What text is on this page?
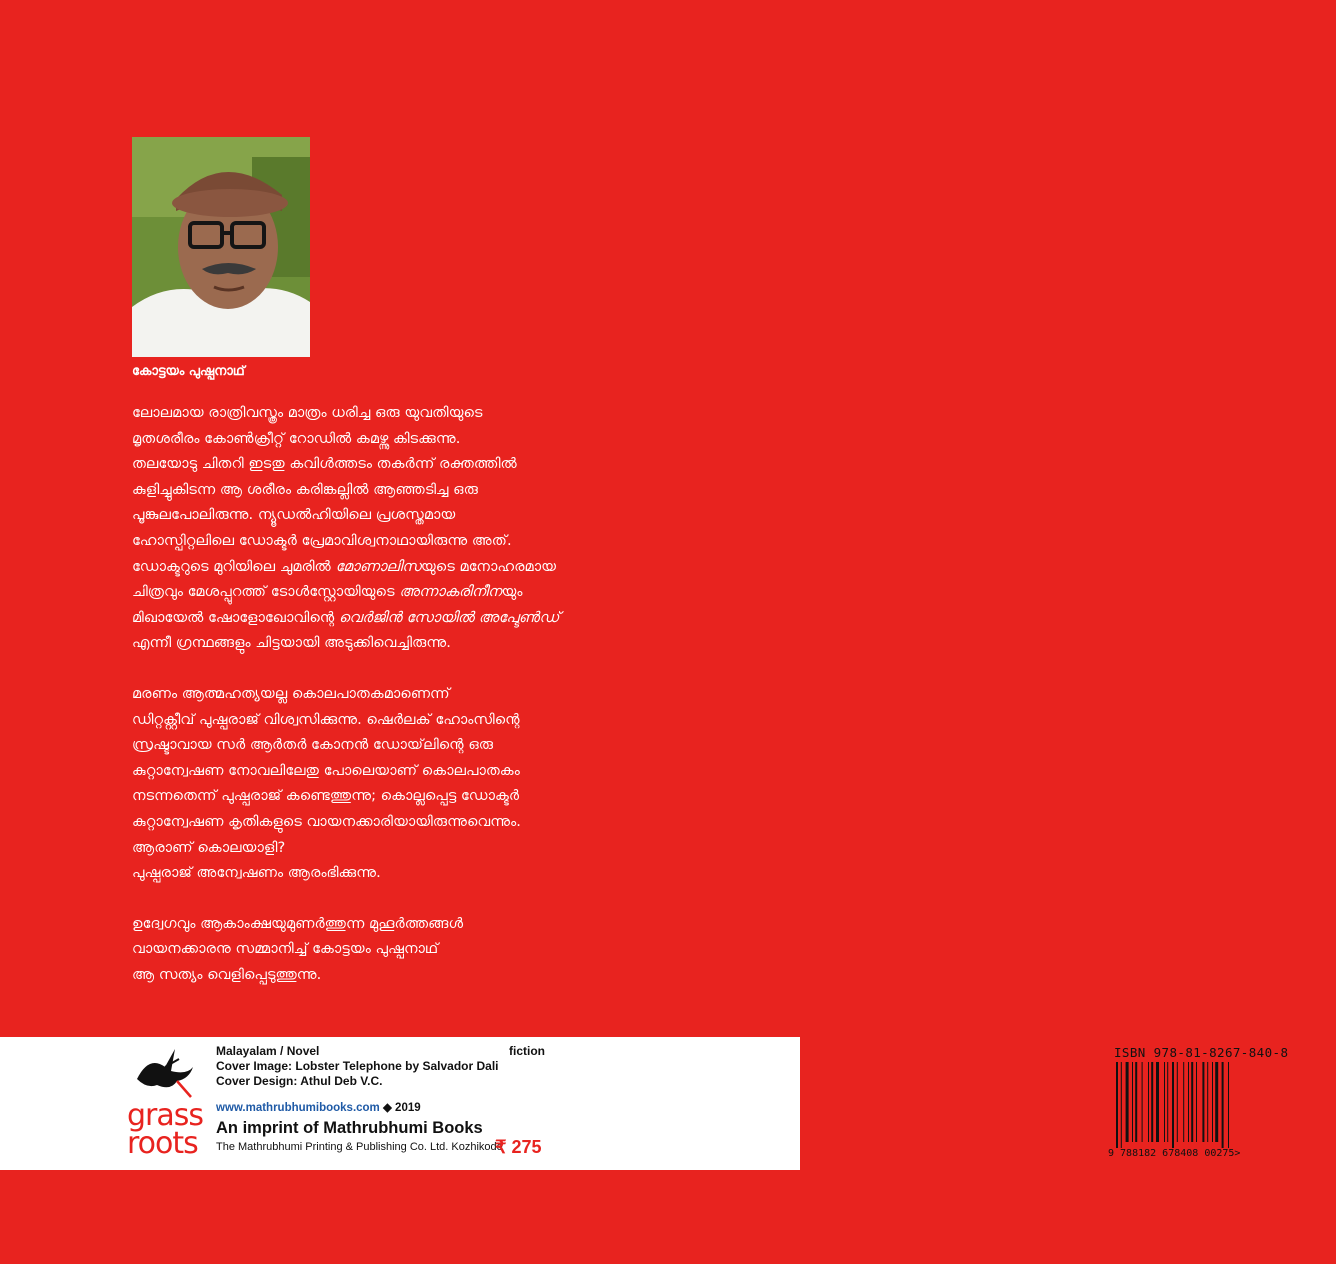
കോട്ടയം പുഷ്പനാഥ്
ലോലമായ രാത്രിവസ്ത്രം മാത്രം ധരിച്ച ഒരു യുവതിയുടെ
മൃതശരീരം കോൺക്രീറ്റ് റോഡിൽ കമഴ്ന്നു കിടക്കുന്നു.
തലയോടു ചിതറി ഇടതു കവിൾത്തടം തകർന്ന് രക്തത്തിൽ
കുളിച്ചുകിടന്ന ആ ശരീരം കരിങ്കല്ലിൽ ആഞ്ഞടിച്ച ഒരു
പൂങ്കുലപോലിരുന്നു. ന്യൂഡൽഹിയിലെ പ്രശസ്തമായ
ഹോസ്പിറ്റലിലെ ഡോക്ടർ പ്രേമാവിശ്വനാഥായിരുന്നു അത്.
ഡോക്ടറുടെ മുറിയിലെ ചുമരിൽ മോണാലിസയുടെ മനോഹരമായ
ചിത്രവും മേശപ്പുറത്ത് ടോൾസ്റ്റോയിയുടെ അന്നാകരിനീനയും
മിഖായേൽ ഷോളോഖോവിന്റെ വെർജിൻ സോയിൽ അപ്ടേൺഡ്
എന്നീ ഗ്രന്ഥങ്ങളും ചിട്ടയായി അടുക്കിവെച്ചിരുന്നു.
മരണം ആത്മഹത്യയല്ല കൊലപാതകമാണെന്ന്
ഡിറ്റക്റ്റീവ് പുഷ്പരാജ് വിശ്വസിക്കുന്നു. ഷെർലക് ഹോംസിന്റെ
സ്രഷ്ടാവായ സർ ആർതർ കോനൻ ഡോയ്‌ലിന്റെ ഒരു
കുറ്റാന്വേഷണ നോവലിലേതു പോലെയാണ് കൊലപാതകം
നടന്നതെന്ന് പുഷ്പരാജ് കണ്ടെത്തുന്നു; കൊല്ലപ്പെട്ട ഡോക്ടർ
കുറ്റാന്വേഷണ കൃതികളുടെ വായനക്കാരിയായിരുന്നുവെന്നും.
ആരാണ് കൊലയാളി?
പുഷ്പരാജ് അന്വേഷണം ആരംഭിക്കുന്നു.
ഉദ്വേഗവും ആകാംക്ഷയുമുണർത്തുന്ന മുഹൂർത്തങ്ങൾ
വായനക്കാരനു സമ്മാനിച്ച് കോട്ടയം പുഷ്പനാഥ്
ആ സത്യം വെളിപ്പെടുത്തുന്നു.
grass
roots
Malayalam / Novel
Cover Image: Lobster Telephone by Salvador Dali
Cover Design: Athul Deb V.C.
www.mathrubhumibooks.com ◆ 2019
An imprint of Mathrubhumi Books
The Mathrubhumi Printing & Publishing Co. Ltd. Kozhikode
fiction
₹ 275
ISBN 978-81-8267-840-8
9 788182 678408 00275>
